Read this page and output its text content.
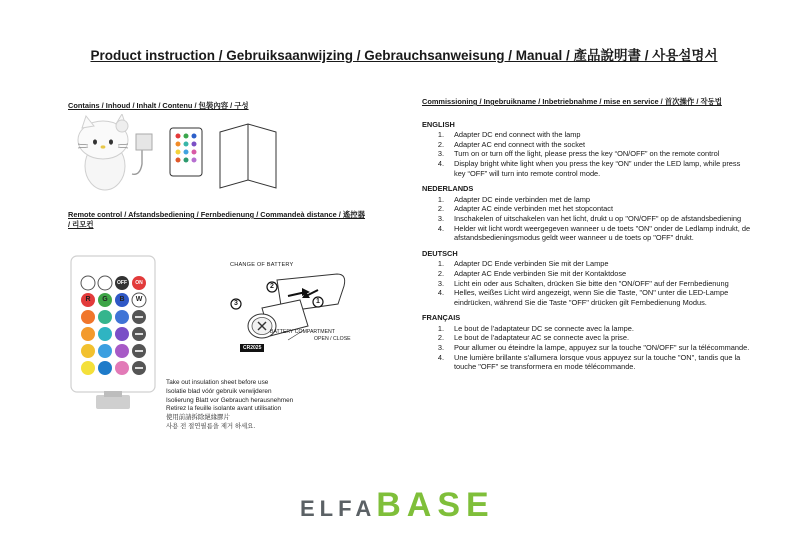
Product instruction / Gebruiksaanwijzing / Gebrauchsanweisung / Manual / 產品說明書 / 사용설명서
Contains / Inhoud / Inhalt / Contenu / 包裝內容 / 구성
Remote control / Afstandsbediening / Fernbedienung / Commandeà distance / 遙控器 / 리모컨
OFF	ON
R	G	B	W
CHANGE OF BATTERY
2
1
3
BATTERY COMPARTMENT
OPEN / CLOSE
CR2025
Take out insulation sheet before use
Isolatie blad vóór gebruik verwijderen
Isolierung Blatt vor Gebrauch herausnehmen
Retirez la feuille isolante avant utilisation
使用前請拆除絕緣膠片
사용 전 절연필름을 제거 하세요.
Commissioning / Ingebruikname / Inbetriebnahme / mise en service / 首次操作 / 작동법
ENGLISH
1. Adapter DC end connect with the lamp
2. Adapter AC end connect with the socket
3. Turn on or turn off the light, please press the key “ON/OFF” on the remote control
4. Display bright white light when you press the key “ON” under the LED lamp, while press key “OFF” will turn into remote control mode.
NEDERLANDS
1. Adapter DC einde verbinden met de lamp
2. Adapter AC einde verbinden met het stopcontact
3. Inschakelen of uitschakelen van het licht, drukt u op "ON/OFF" op de afstandsbediening
4. Helder wit licht wordt weergegeven wanneer u de toets "ON" onder de Ledlamp indrukt, de afstandsbedieningsmodus geldt weer wanneer u de toets op "OFF" drukt.
DEUTSCH
1. Adapter DC Ende verbinden Sie mit der Lampe
2. Adapter AC Ende verbinden Sie mit der Kontaktdose
3. Licht ein oder aus Schalten, drücken Sie bitte den "ON/OFF" auf der Fernbedienung
4. Helles, weißes Licht wird angezeigt, wenn Sie die Taste, "ON" unter die LED-Lampe eindrücken, während Sie die Taste "OFF" drücken gilt Fernbedienung Modus.
FRANÇAIS
1. Le bout de l’adaptateur DC se connecte avec la lampe.
2. Le bout de l’adaptateur AC se connecte avec la prise.
3. Pour allumer ou éteindre la lampe, appuyez sur la touche "ON/OFF" sur la télécommande.
4. Une lumière brillante s’allumera lorsque vous appuyez sur la touche "ON", tandis que la touche "OFF" se transformera en mode télécommande.
ELFA BASE
